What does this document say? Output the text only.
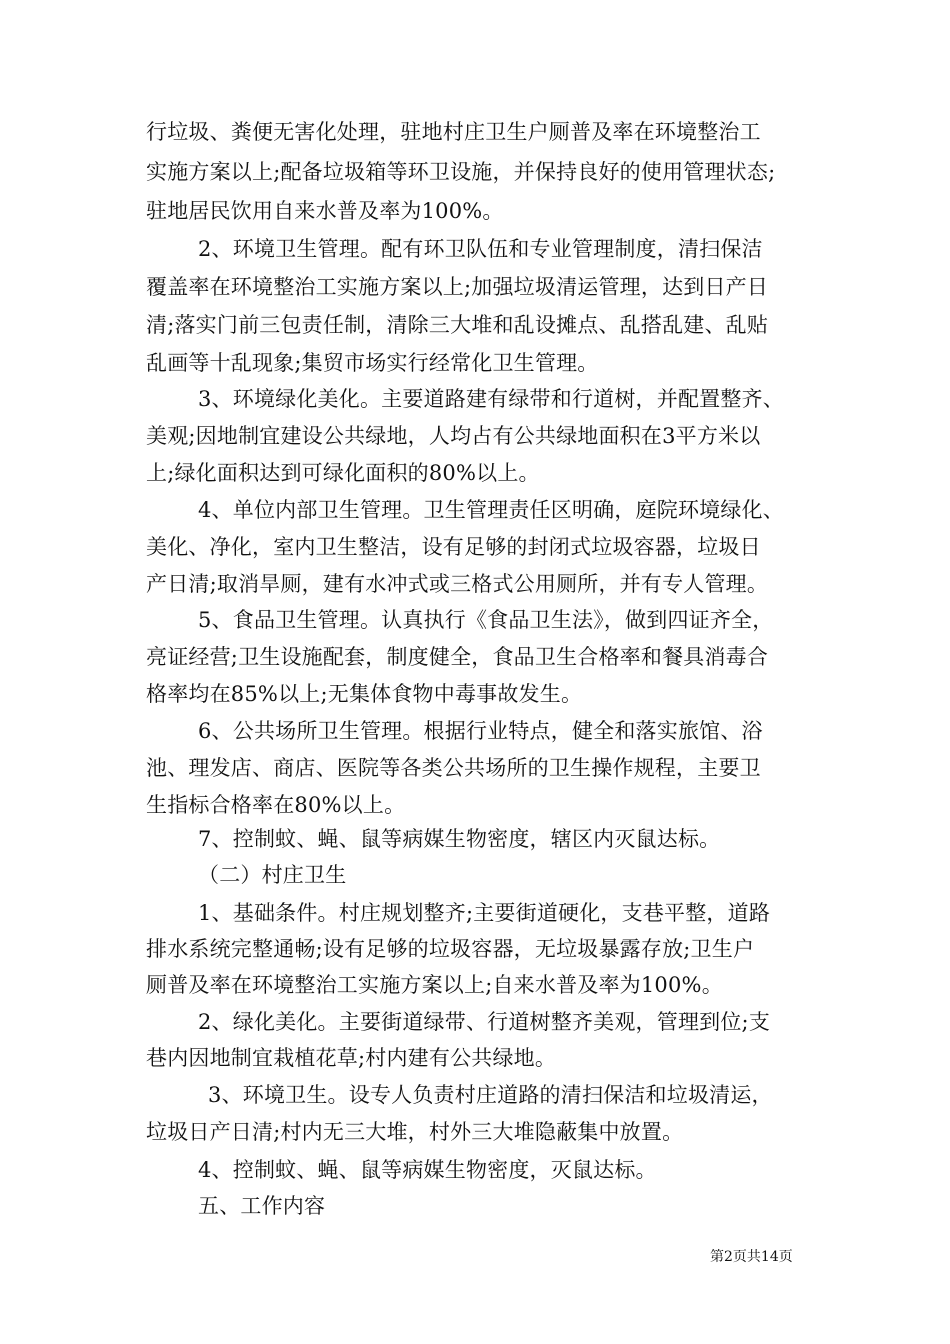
行垃圾、粪便无害化处理，驻地村庄卫生户厕普及率在环境整治工
实施方案以上;配备垃圾箱等环卫设施，并保持良好的使用管理状态;
驻地居民饮用自来水普及率为100%。
2、环境卫生管理。配有环卫队伍和专业管理制度，清扫保洁
覆盖率在环境整治工实施方案以上;加强垃圾清运管理，达到日产日
清;落实门前三包责任制，清除三大堆和乱设摊点、乱搭乱建、乱贴
乱画等十乱现象;集贸市场实行经常化卫生管理。
3、环境绿化美化。主要道路建有绿带和行道树，并配置整齐、
美观;因地制宜建设公共绿地，人均占有公共绿地面积在3平方米以
上;绿化面积达到可绿化面积的80%以上。
4、单位内部卫生管理。卫生管理责任区明确，庭院环境绿化、
美化、净化，室内卫生整洁，设有足够的封闭式垃圾容器，垃圾日
产日清;取消旱厕，建有水冲式或三格式公用厕所，并有专人管理。
5、食品卫生管理。认真执行《食品卫生法》，做到四证齐全，
亮证经营;卫生设施配套，制度健全，食品卫生合格率和餐具消毒合
格率均在85%以上;无集体食物中毒事故发生。
6、公共场所卫生管理。根据行业特点，健全和落实旅馆、浴
池、理发店、商店、医院等各类公共场所的卫生操作规程，主要卫
生指标合格率在80%以上。
7、控制蚊、蝇、鼠等病媒生物密度，辖区内灭鼠达标。
（二）村庄卫生
1、基础条件。村庄规划整齐;主要街道硬化，支巷平整，道路
排水系统完整通畅;设有足够的垃圾容器，无垃圾暴露存放;卫生户
厕普及率在环境整治工实施方案以上;自来水普及率为100%。
2、绿化美化。主要街道绿带、行道树整齐美观，管理到位;支
巷内因地制宜栽植花草;村内建有公共绿地。
3、环境卫生。设专人负责村庄道路的清扫保洁和垃圾清运，
垃圾日产日清;村内无三大堆，村外三大堆隐蔽集中放置。
4、控制蚊、蝇、鼠等病媒生物密度，灭鼠达标。
五、工作内容
第2页共14页
